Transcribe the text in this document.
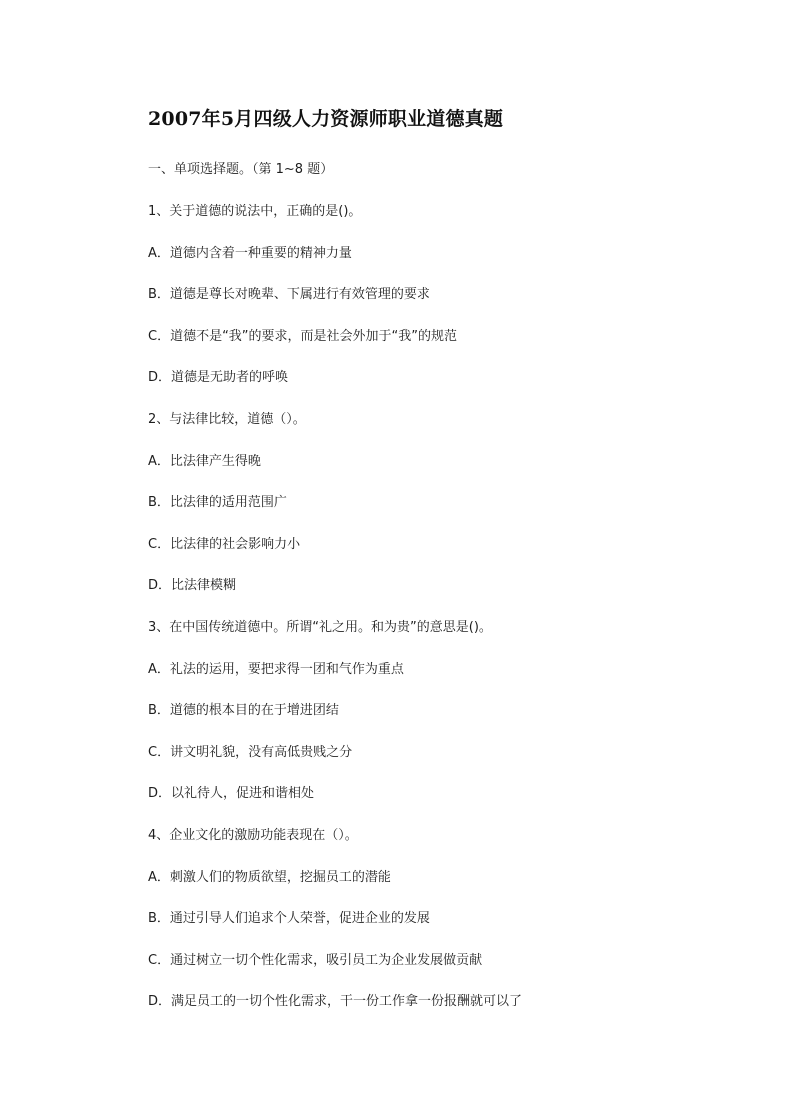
2007年5月四级人力资源师职业道德真题
一、单项选择题。（第 1~8 题）
1、关于道德的说法中，正确的是()。
A．道德内含着一种重要的精神力量
B．道德是尊长对晚辈、下属进行有效管理的要求
C．道德不是“我”的要求，而是社会外加于“我”的规范
D．道德是无助者的呼唤
2、与法律比较，道德（）。
A．比法律产生得晚
B．比法律的适用范围广
C．比法律的社会影响力小
D．比法律模糊
3、在中国传统道德中。所谓“礼之用。和为贵”的意思是()。
A．礼法的运用，要把求得一团和气作为重点
B．道德的根本目的在于增进团结
C．讲文明礼貌，没有高低贵贱之分
D．以礼待人，促进和谐相处
4、企业文化的激励功能表现在（）。
A．刺激人们的物质欲望，挖掘员工的潜能
B．通过引导人们追求个人荣誉，促进企业的发展
C．通过树立一切个性化需求，吸引员工为企业发展做贡献
D．满足员工的一切个性化需求，干一份工作拿一份报酬就可以了
